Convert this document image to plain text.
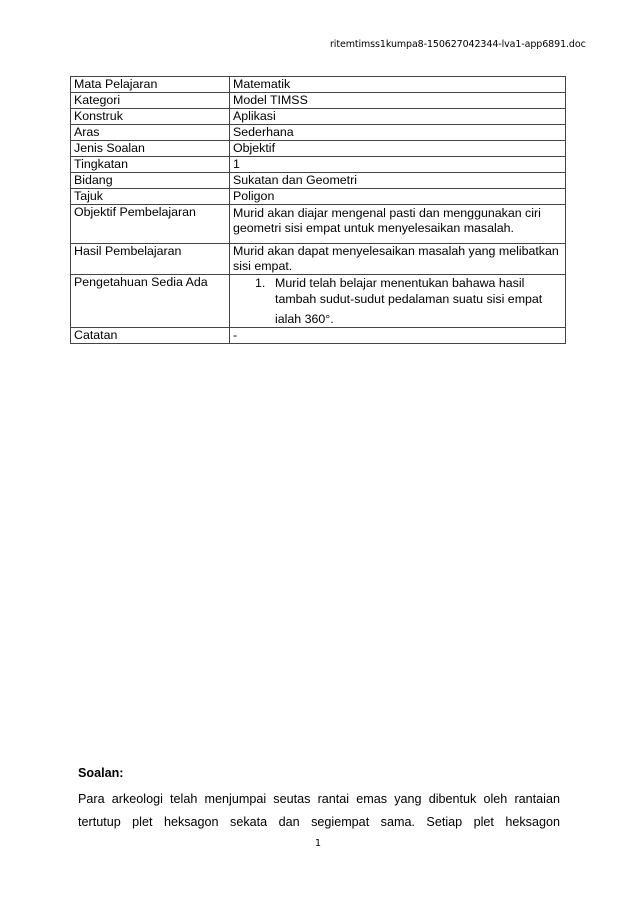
ritemtimss1kumpa8-150627042344-lva1-app6891.doc
Mata Pelajaran	Matematik
Kategori	Model TIMSS
Konstruk	Aplikasi
Aras	Sederhana
Jenis Soalan	Objektif
Tingkatan	1
Bidang	Sukatan dan Geometri
Tajuk	Poligon
Objektif Pembelajaran	Murid akan diajar mengenal pasti dan menggunakan ciri geometri sisi empat untuk menyelesaikan masalah.
Hasil Pembelajaran	Murid akan dapat menyelesaikan masalah yang melibatkan sisi empat.
Pengetahuan Sedia Ada	1. Murid telah belajar menentukan bahawa hasil tambah sudut-sudut pedalaman suatu sisi empat
ialah 360°.

Catatan	-
Soalan:
Para arkeologi telah menjumpai seutas rantai emas yang dibentuk oleh rantaian tertutup plet heksagon sekata dan segiempat sama. Setiap plet heksagon
1
